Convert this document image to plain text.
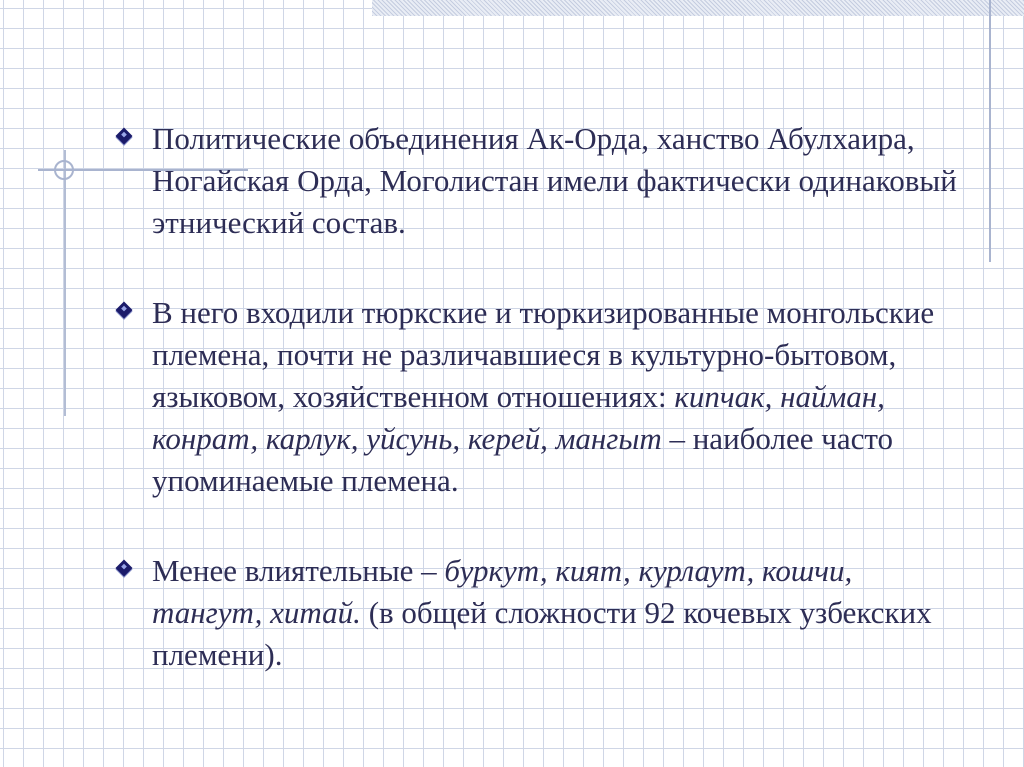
Политические объединения Ак-Орда, ханство Абулхаира, Ногайская Орда, Моголистан имели фактически одинаковый этнический состав.

В него входили тюркские и тюркизированные монгольские племена, почти не различавшиеся в культурно-бытовом, языковом, хозяйственном отношениях: кипчак, найман, конрат, карлук, уйсунь, керей, мангыт – наиболее часто упоминаемые племена.

Менее влиятельные – буркут, кият, курлаут, кошчи, тангут, хитай. (в общей сложности 92 кочевых узбекских племени).
